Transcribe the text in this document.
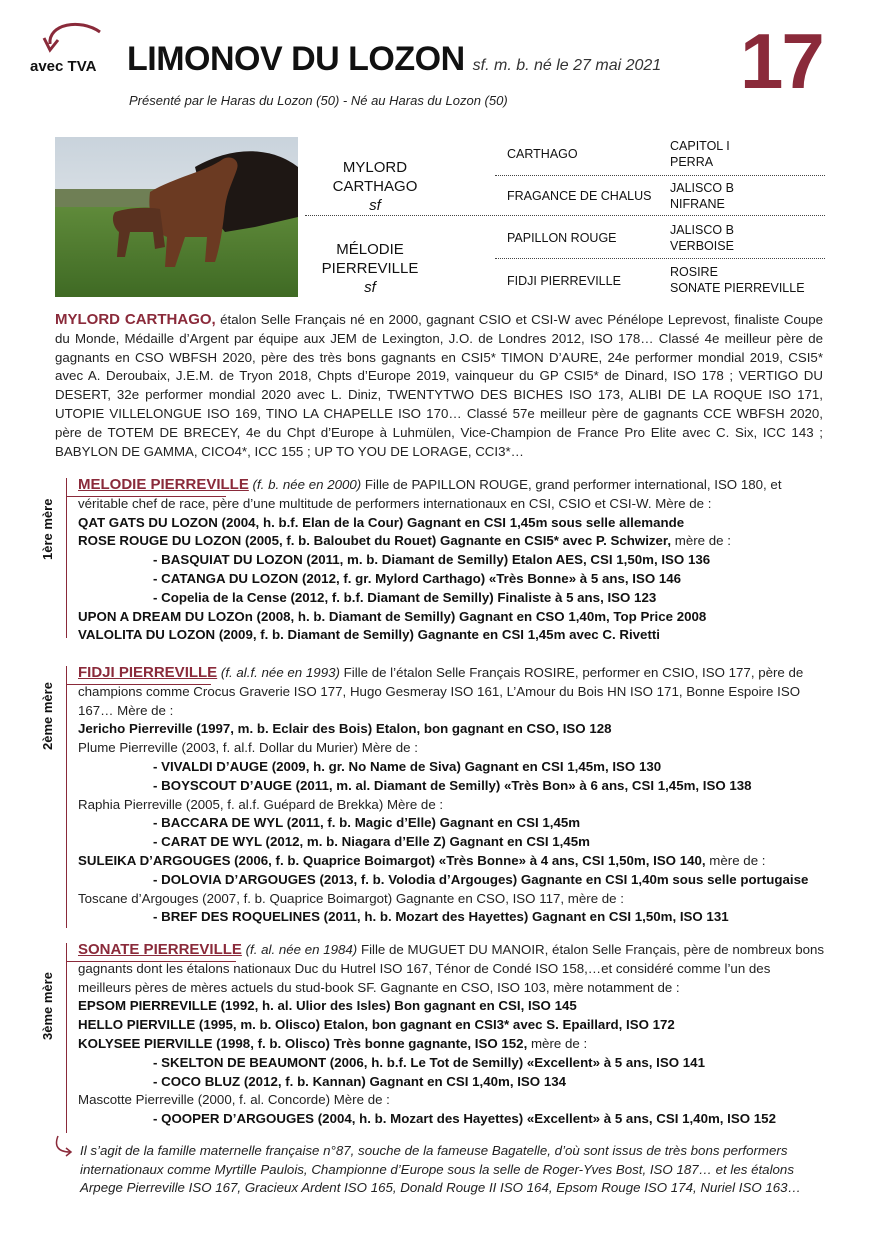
avec TVA LIMONOV DU LOZON sf. m. b. né le 27 mai 2021 17
Présenté par le Haras du Lozon (50) - Né au Haras du Lozon (50)
MYLORD CARTHAGO
sf
MÉLODIE PIERREVILLE
sf
CARTHAGO
FRAGANCE DE CHALUS
PAPILLON ROUGE
FIDJI PIERREVILLE
CAPITOL I
PERRA
JALISCO B
NIFRANE
JALISCO B
VERBOISE
ROSIRE
SONATE PIERREVILLE
MYLORD CARTHAGO, étalon Selle Français né en 2000, gagnant CSIO et CSI-W avec Pénélope Leprevost, finaliste Coupe du Monde, Médaille d’Argent par équipe aux JEM de Lexington, J.O. de Londres 2012, ISO 178… Classé 4e meilleur père de gagnants en CSO WBFSH 2020, père des très bons gagnants en CSI5* TIMON D’AURE, 24e performer mondial 2019, CSI5* avec A. Deroubaix, J.E.M. de Tryon 2018, Chpts d’Europe 2019, vainqueur du GP CSI5* de Dinard, ISO 178 ; VERTIGO DU DESERT, 32e performer mondial 2020 avec L. Diniz, TWENTYTWO DES BICHES ISO 173, ALIBI DE LA ROQUE ISO 171, UTOPIE VILLELONGUE ISO 169, TINO LA CHAPELLE ISO 170… Classé 57e meilleur père de gagnants CCE WBFSH 2020, père de TOTEM DE BRECEY, 4e du Chpt d’Europe à Luhmülen, Vice-Champion de France Pro Elite avec C. Six, ICC 143 ; BABYLON DE GAMMA, CICO4*, ICC 155 ; UP TO YOU DE LORAGE, CCI3*…
1ère mère

MELODIE PIERREVILLE (f. b. née en 2000) Fille de PAPILLON ROUGE, grand performer international, ISO 180, et véritable chef de race, père d’une multitude de performers internationaux en CSI, CSIO et CSI-W. Mère de :

QAT GATS DU LOZON (2004, h. b.f. Elan de la Cour) Gagnant en CSI 1,45m sous selle allemande

ROSE ROUGE DU LOZON (2005, f. b. Baloubet du Rouet) Gagnante en CSI5* avec P. Schwizer, mère de :

- BASQUIAT DU LOZON (2011, m. b. Diamant de Semilly) Etalon AES, CSI 1,50m, ISO 136

- CATANGA DU LOZON (2012, f. gr. Mylord Carthago) «Très Bonne» à 5 ans, ISO 146

- Copelia de la Cense (2012, f. b.f. Diamant de Semilly) Finaliste à 5 ans, ISO 123

UPON A DREAM DU LOZOn (2008, h. b. Diamant de Semilly) Gagnant en CSO 1,40m, Top Price 2008

VALOLITA DU LOZON (2009, f. b. Diamant de Semilly) Gagnante en CSI 1,45m avec C. Rivetti

2ème mère

FIDJI PIERREVILLE (f. al.f. née en 1993) Fille de l’étalon Selle Français ROSIRE, performer en CSIO, ISO 177, père de champions comme Crocus Graverie ISO 177, Hugo Gesmeray ISO 161, L’Amour du Bois HN ISO 171, Bonne Espoire ISO 167… Mère de :

Jericho Pierreville (1997, m. b. Eclair des Bois) Etalon, bon gagnant en CSO, ISO 128

Plume Pierreville (2003, f. al.f. Dollar du Murier) Mère de :

- VIVALDI D’AUGE (2009, h. gr. No Name de Siva) Gagnant en CSI 1,45m, ISO 130

- BOYSCOUT D’AUGE (2011, m. al. Diamant de Semilly) «Très Bon» à 6 ans, CSI 1,45m, ISO 138

Raphia Pierreville (2005, f. al.f. Guépard de Brekka) Mère de :

- BACCARA DE WYL (2011, f. b. Magic d’Elle) Gagnant en CSI 1,45m

- CARAT DE WYL (2012, m. b. Niagara d’Elle Z) Gagnant en CSI 1,45m

SULEIKA D’ARGOUGES (2006, f. b. Quaprice Boimargot) «Très Bonne» à 4 ans, CSI 1,50m, ISO 140, mère de :

- DOLOVIA D’ARGOUGES (2013, f. b. Volodia d’Argouges) Gagnante en CSI 1,40m sous selle portugaise

Toscane d’Argouges (2007, f. b. Quaprice Boimargot) Gagnante en CSO, ISO 117, mère de :

- BREF DES ROQUELINES (2011, h. b. Mozart des Hayettes) Gagnant en CSI 1,50m, ISO 131

3ème mère

SONATE PIERREVILLE (f. al. née en 1984) Fille de MUGUET DU MANOIR, étalon Selle Français, père de nombreux bons gagnants dont les étalons nationaux Duc du Hutrel ISO 167, Ténor de Condé ISO 158,…et considéré comme l’un des meilleurs pères de mères actuels du stud-book SF. Gagnante en CSO, ISO 103, mère notamment de :

EPSOM PIERREVILLE (1992, h. al. Ulior des Isles) Bon gagnant en CSI, ISO 145

HELLO PIERVILLE (1995, m. b. Olisco) Etalon, bon gagnant en CSI3* avec S. Epaillard, ISO 172

KOLYSEE PIERVILLE (1998, f. b. Olisco) Très bonne gagnante, ISO 152, mère de :

- SKELTON DE BEAUMONT (2006, h. b.f. Le Tot de Semilly) «Excellent» à 5 ans, ISO 141

- COCO BLUZ (2012, f. b. Kannan) Gagnant en CSI 1,40m, ISO 134

Mascotte Pierreville (2000, f. al. Concorde) Mère de :

- QOOPER D’ARGOUGES (2004, h. b. Mozart des Hayettes) «Excellent» à 5 ans, CSI 1,40m, ISO 152

Il s’agit de la famille maternelle française n°87, souche de la fameuse Bagatelle, d’où sont issus de très bons performers internationaux comme Myrtille Paulois, Championne d’Europe sous la selle de Roger-Yves Bost, ISO 187… et les étalons Arpege Pierreville ISO 167, Gracieux Ardent ISO 165, Donald Rouge II ISO 164, Epsom Rouge ISO 174, Nuriel ISO 163…
